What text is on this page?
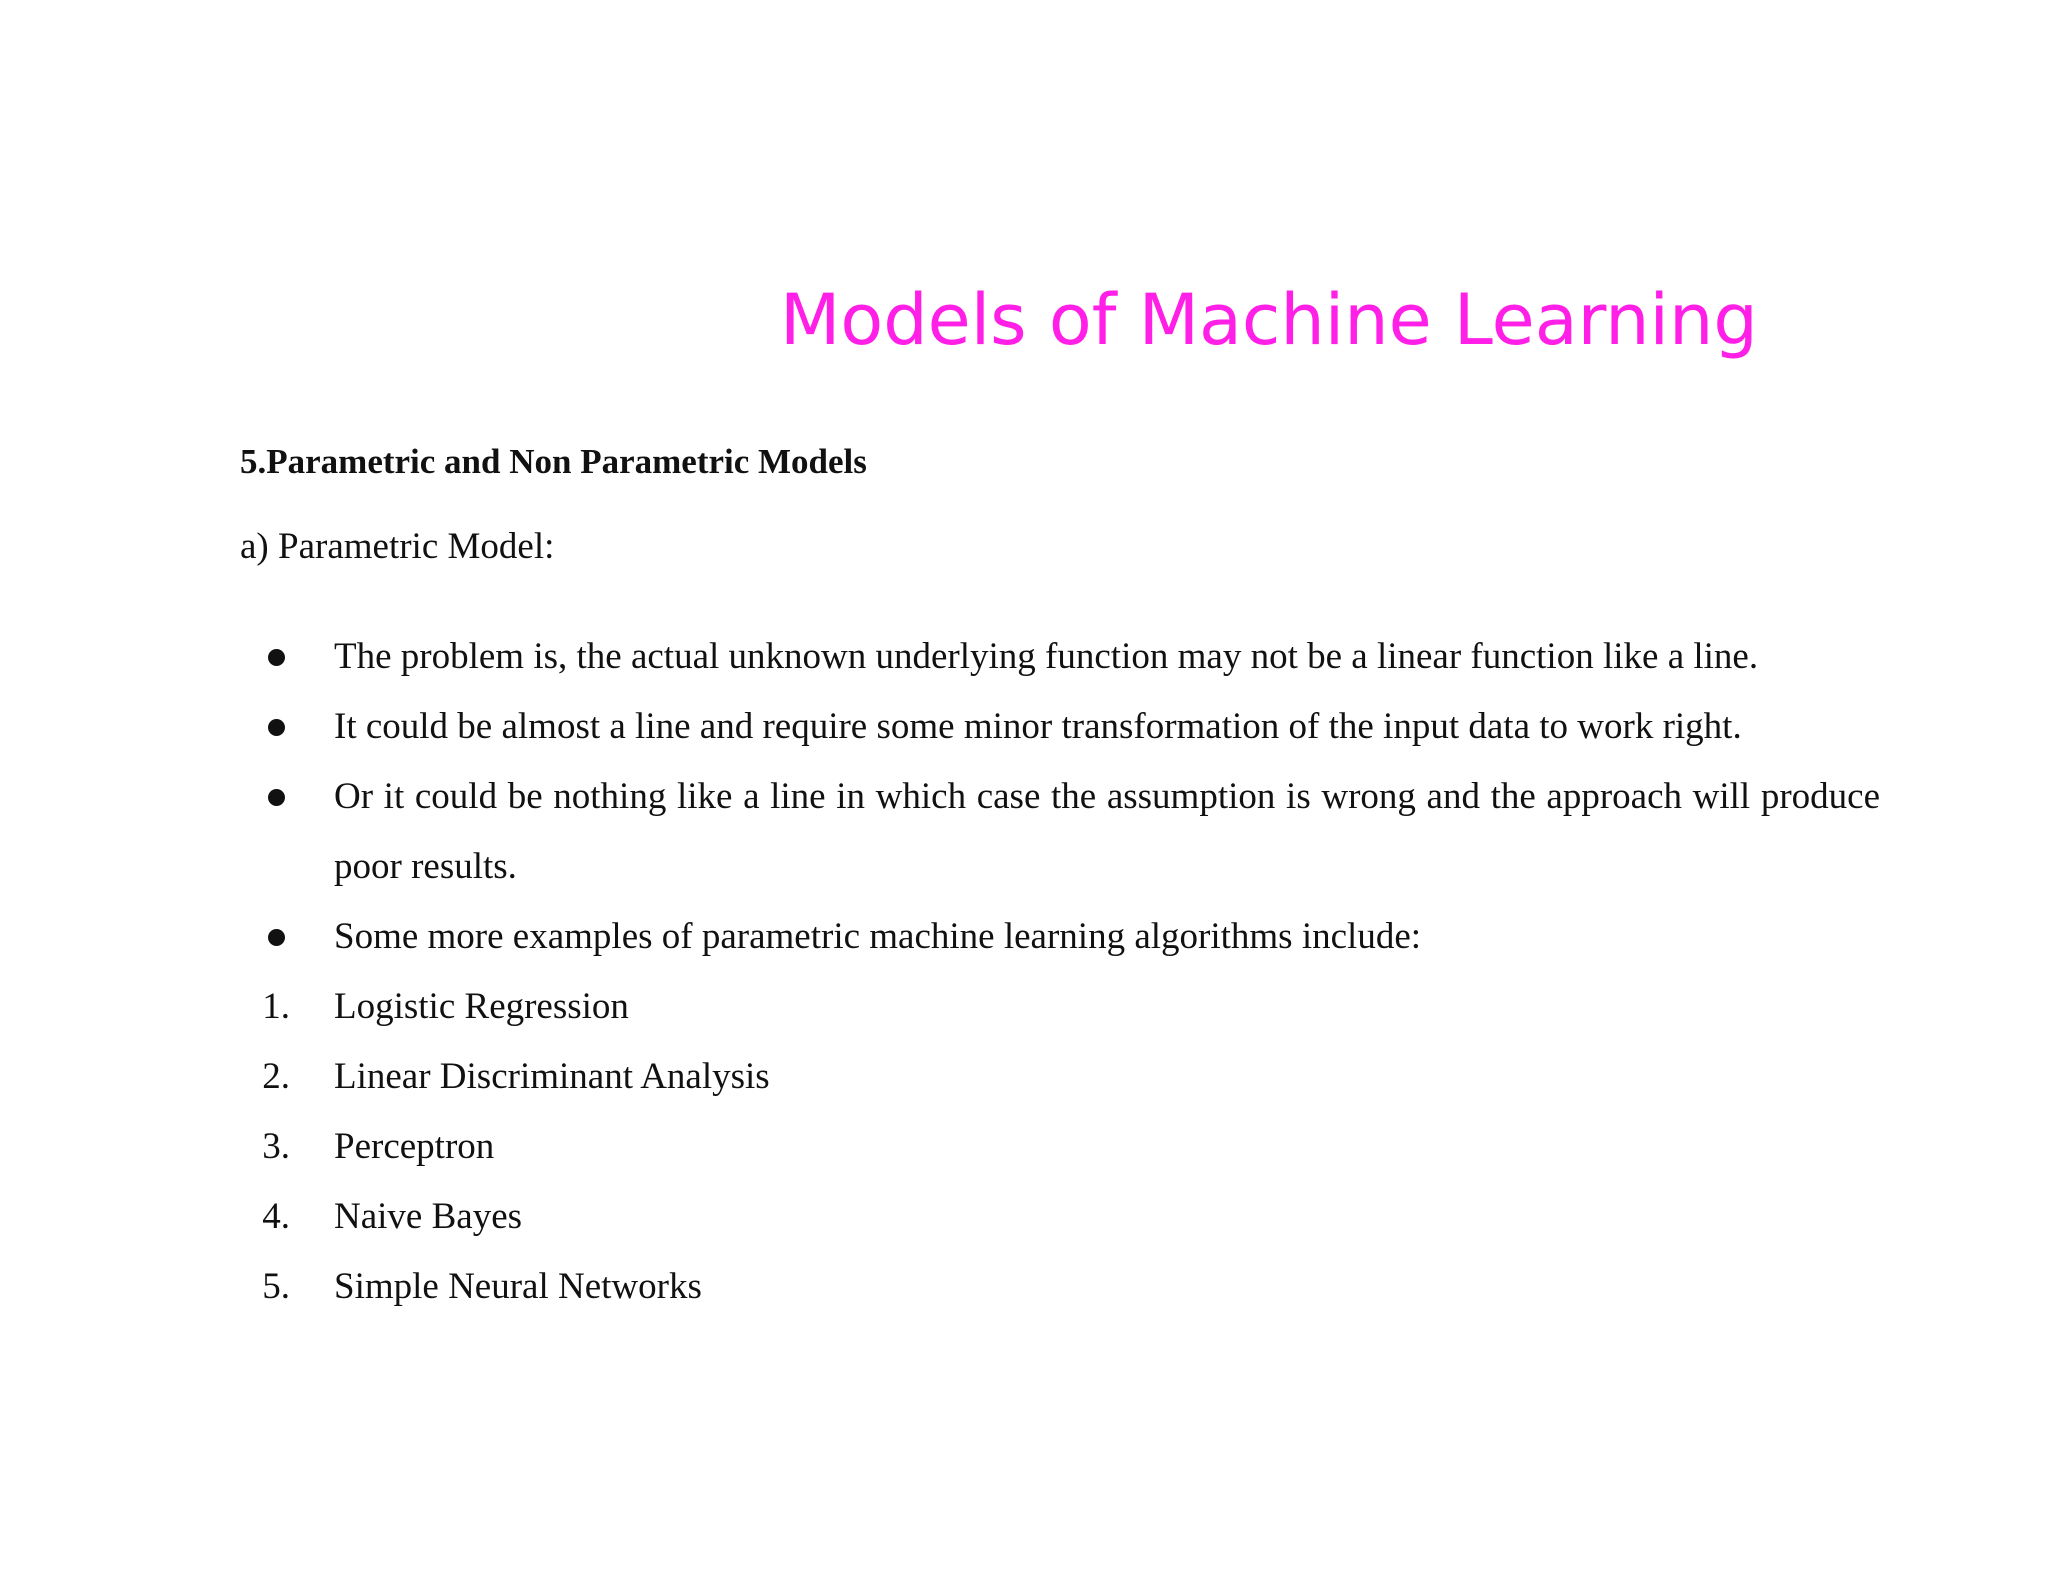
Models of Machine Learning
5.Parametric and Non Parametric Models
a) Parametric Model:
The problem is, the actual unknown underlying function may not be a linear function like a line.
It could be almost a line and require some minor transformation of the input data to work right.
Or it could be nothing like a line in which case the assumption is wrong and the approach will produce poor results.
Some more examples of parametric machine learning algorithms include:
1. Logistic Regression
2. Linear Discriminant Analysis
3. Perceptron
4. Naive Bayes
5. Simple Neural Networks
